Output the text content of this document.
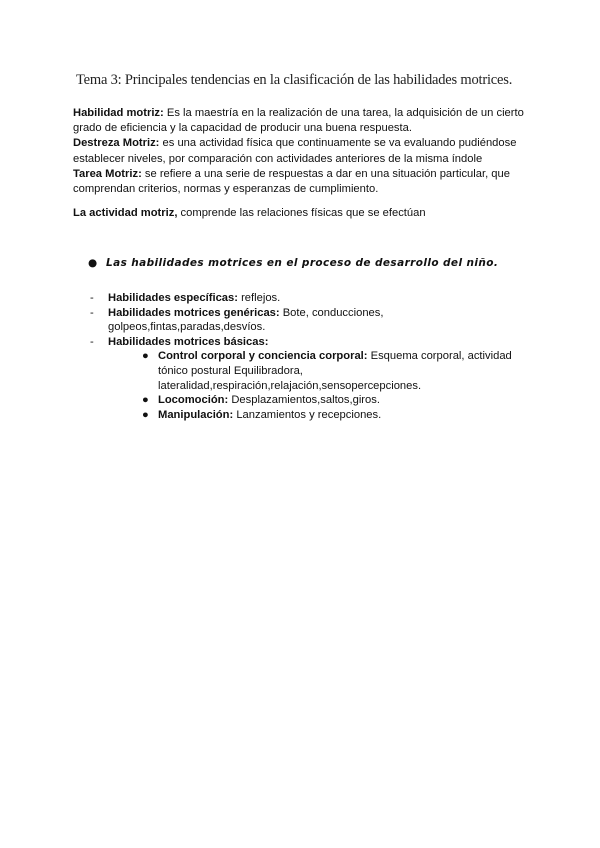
Tema 3: Principales tendencias en la clasificación de las habilidades motrices.

Habilidad motriz: Es la maestría en la realización de una tarea, la adquisición de un cierto grado de eficiencia y la capacidad de producir una buena respuesta.

Destreza Motriz: es una actividad física que continuamente se va evaluando pudiéndose establecer niveles, por comparación con actividades anteriores de la misma índole

Tarea Motriz: se refiere a una serie de respuestas a dar en una situación particular, que comprendan criterios, normas y esperanzas de cumplimiento.

La actividad motriz, comprende las relaciones físicas que se efectúan
● Las habilidades motrices en el proceso de desarrollo del niño.
- Habilidades específicas: reflejos.
- Habilidades motrices genéricas: Bote, conducciones, golpeos,fintas,paradas,desvíos.
- Habilidades motrices básicas:
● Control corporal y conciencia corporal: Esquema corporal, actividad tónico postural Equilibradora, lateralidad,respiración,relajación,sensopercepciones.
● Locomoción: Desplazamientos,saltos,giros.
● Manipulación: Lanzamientos y recepciones.
